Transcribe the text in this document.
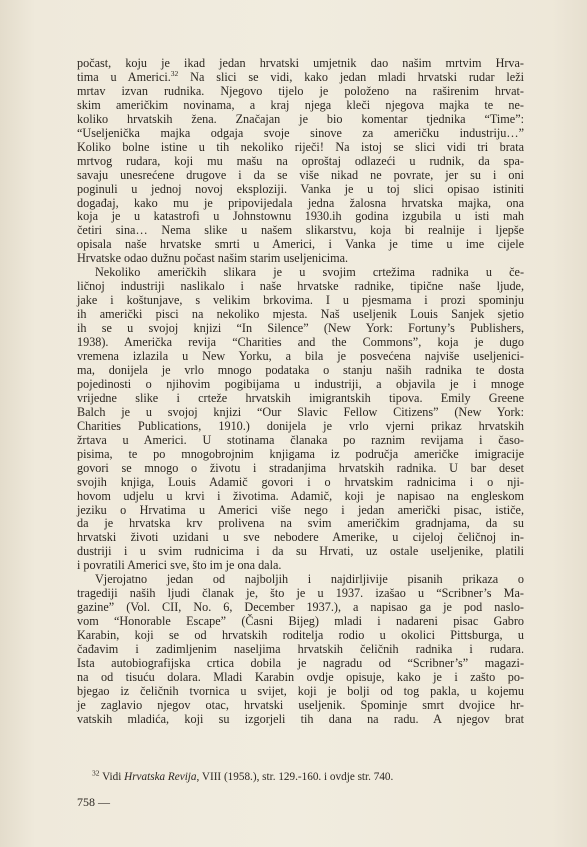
počast, koju je ikad jedan hrvatski umjetnik dao našim mrtvim Hrva-
tima u Americi.$^{32}$ Na slici se vidi, kako jedan mladi hrvatski rudar leži
mrtav izvan rudnika. Njegovo tijelo je položeno na raširenim hrvat-
skim američkim novinama, a kraj njega kleči njegova majka te ne-
koliko hrvatskih žena. Značajan je bio komentar tjednika “Time”:
“Useljenička majka odgaja svoje sinove za američku industriju…”
Koliko bolne istine u tih nekoliko riječi! Na istoj se slici vidi tri brata
mrtvog rudara, koji mu mašu na oproštaj odlazeći u rudnik, da spa-
savaju unesrećene drugove i da se više nikad ne povrate, jer su i oni
poginuli u jednoj novoj eksploziji. Vanka je u toj slici opisao istiniti
događaj, kako mu je pripovijedala jedna žalosna hrvatska majka, ona
koja je u katastrofi u Johnstownu 1930.ih godina izgubila u isti mah
četiri sina… Nema slike u našem slikarstvu, koja bi realnije i ljepše
opisala naše hrvatske smrti u Americi, i Vanka je time u ime cijele
Hrvatske odao dužnu počast našim starim useljenicima.

Nekoliko američkih slikara je u svojim crtežima radnika u če-
ličnoj industriji naslikalo i naše hrvatske radnike, tipične naše ljude,
jake i koštunjave, s velikim brkovima. I u pjesmama i prozi spominju
ih američki pisci na nekoliko mjesta. Naš useljenik Louis Sanjek sjetio
ih se u svojoj knjizi “In Silence” (New York: Fortuny’s Publishers,
1938). Američka revija “Charities and the Commons”, koja je dugo
vremena izlazila u New Yorku, a bila je posvećena najviše useljenici-
ma, donijela je vrlo mnogo podataka o stanju naših radnika te dosta
pojedinosti o njihovim pogibijama u industriji, a objavila je i mnoge
vrijedne slike i crteže hrvatskih imigrantskih tipova. Emily Greene
Balch je u svojoj knjizi “Our Slavic Fellow Citizens” (New York:
Charities Publications, 1910.) donijela je vrlo vjerni prikaz hrvatskih
žrtava u Americi. U stotinama članaka po raznim revijama i časo-
pisima, te po mnogobrojnim knjigama iz područja američke imigracije
govori se mnogo o životu i stradanjima hrvatskih radnika. U bar deset
svojih knjiga, Louis Adamič govori i o hrvatskim radnicima i o nji-
hovom udjelu u krvi i životima. Adamič, koji je napisao na engleskom
jeziku o Hrvatima u Americi više nego i jedan američki pisac, ističe,
da je hrvatska krv prolivena na svim američkim gradnjama, da su
hrvatski životi uzidani u sve nebodere Amerike, u cijeloj čeličnoj in-
dustriji i u svim rudnicima i da su Hrvati, uz ostale useljenike, platili
i povratili Americi sve, što im je ona dala.

Vjerojatno jedan od najboljih i najdirljivije pisanih prikaza o
tragediji naših ljudi članak je, što je u 1937. izašao u “Scribner’s Ma-
gazine” (Vol. CII, No. 6, December 1937.), a napisao ga je pod naslo-
vom “Honorable Escape” (Časni Bijeg) mladi i nadareni pisac Gabro
Karabin, koji se od hrvatskih roditelja rodio u okolici Pittsburga, u
čađavim i zadimljenim naseljima hrvatskih čeličnih radnika i rudara.
Ista autobiografijska crtica dobila je nagradu od “Scribner’s” magazi-
na od tisuću dolara. Mladi Karabin ovdje opisuje, kako je i zašto po-
bjegao iz čeličnih tvornica u svijet, koji je bolji od tog pakla, u kojemu
je zaglavio njegov otac, hrvatski useljenik. Spominje smrt dvojice hr-
vatskih mladića, koji su izgorjeli tih dana na radu. A njegov brat

$^{32}$ Vidi Hrvatska Revija, VIII (1958.), str. 129.-160. i ovdje str. 740.
758 —
